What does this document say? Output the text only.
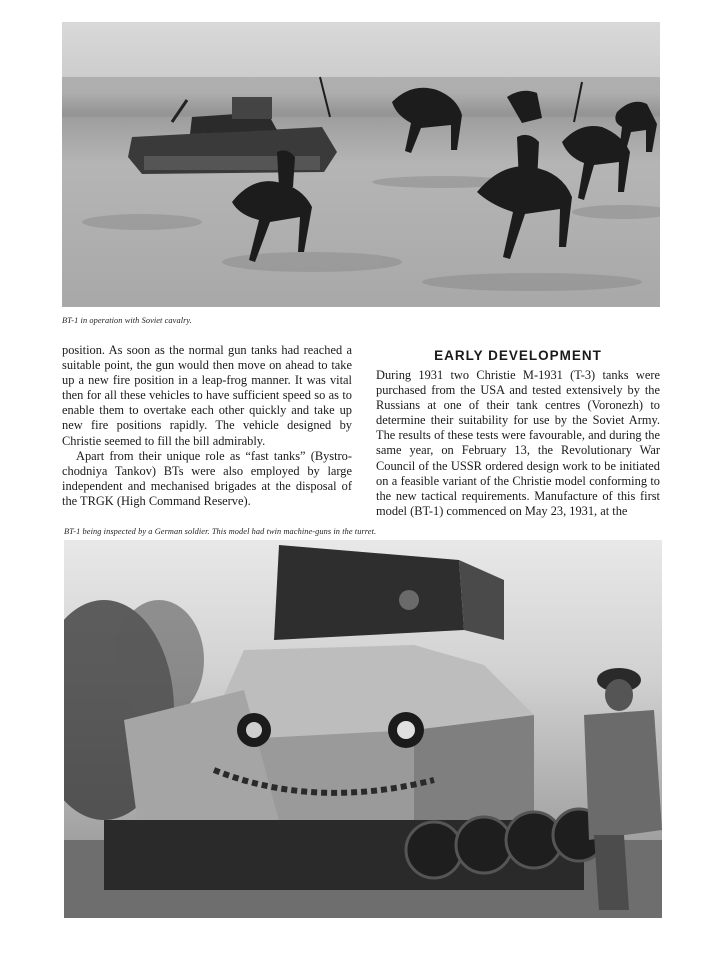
BT-1 in operation with Soviet cavalry.

position. As soon as the normal gun tanks had reached a suitable point, the gun would then move on ahead to take up a new fire position in a leap-frog manner. It was vital then for all these vehicles to have sufficient speed so as to enable them to overtake each other quickly and take up new fire positions rapidly. The vehicle designed by Christie seemed to fill the bill admirably.

Apart from their unique role as “fast tanks” (Bystro-chodniya Tankov) BTs were also employed by large independent and mechanised brigades at the disposal of the TRGK (High Command Reserve).

EARLY DEVELOPMENT

During 1931 two Christie M-1931 (T-3) tanks were purchased from the USA and tested extensively by the Russians at one of their tank centres (Voronezh) to determine their suitability for use by the Soviet Army. The results of these tests were favourable, and during the same year, on February 13, the Revolutionary War Council of the USSR ordered design work to be initiated on a feasible variant of the Christie model conforming to the new tactical requirements. Manufacture of this first model (BT-1) commenced on May 23, 1931, at the

BT-1 being inspected by a German soldier. This model had twin machine-guns in the turret.
